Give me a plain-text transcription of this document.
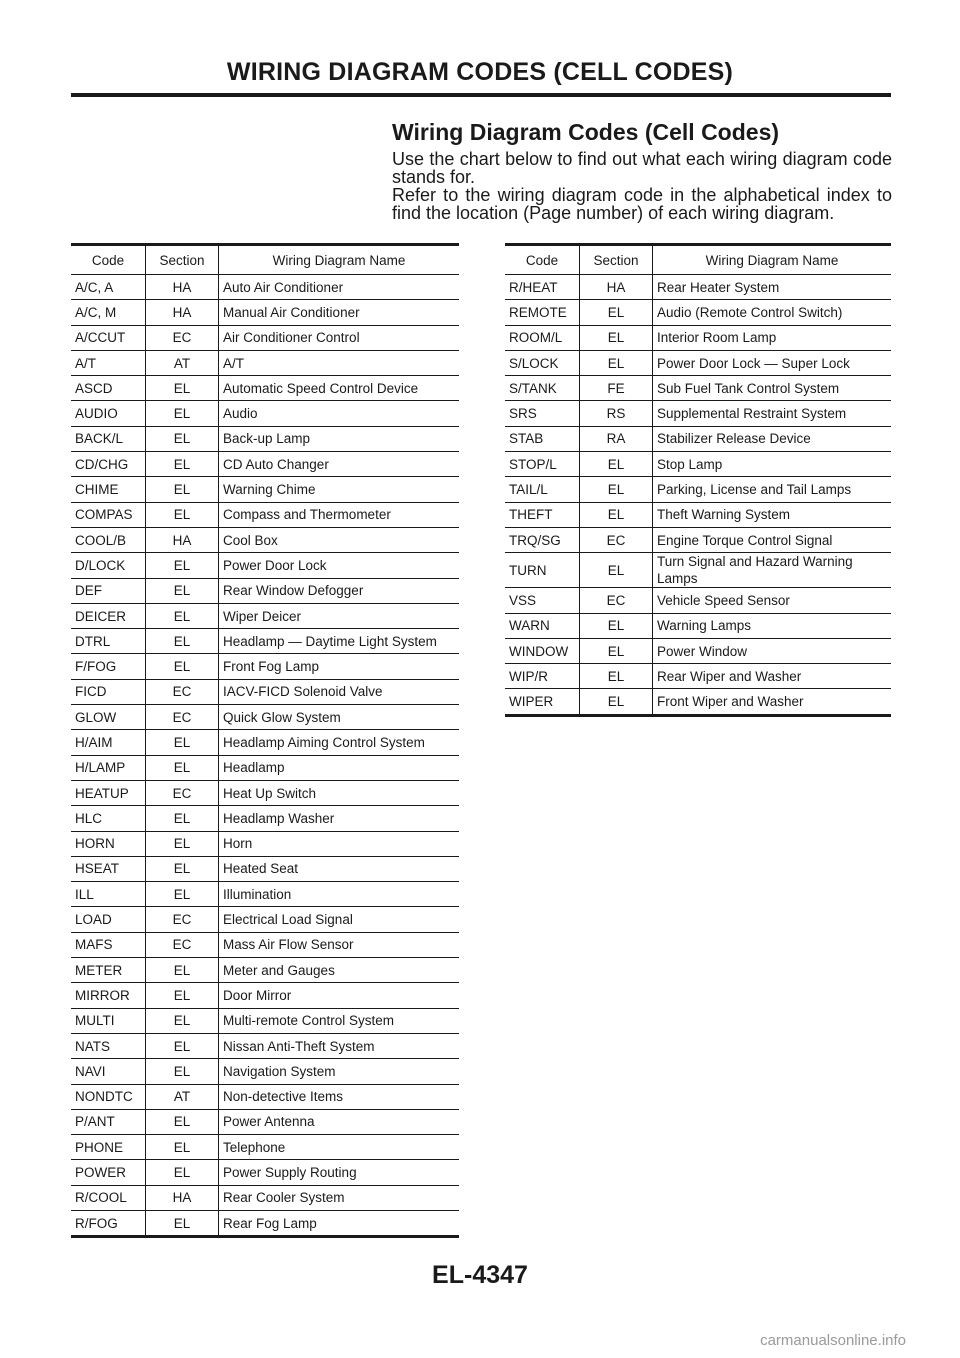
WIRING DIAGRAM CODES (CELL CODES)
Wiring Diagram Codes (Cell Codes)

Use the chart below to find out what each wiring diagram code stands for.

Refer to the wiring diagram code in the alphabetical index to find the location (Page number) of each wiring diagram.

Code	Section	Wiring Diagram Name
A/C, A	HA	Auto Air Conditioner
A/C, M	HA	Manual Air Conditioner
A/CCUT	EC	Air Conditioner Control
A/T	AT	A/T
ASCD	EL	Automatic Speed Control Device
AUDIO	EL	Audio
BACK/L	EL	Back-up Lamp
CD/CHG	EL	CD Auto Changer
CHIME	EL	Warning Chime
COMPAS	EL	Compass and Thermometer
COOL/B	HA	Cool Box
D/LOCK	EL	Power Door Lock
DEF	EL	Rear Window Defogger
DEICER	EL	Wiper Deicer
DTRL	EL	Headlamp — Daytime Light System
F/FOG	EL	Front Fog Lamp
FICD	EC	IACV-FICD Solenoid Valve
GLOW	EC	Quick Glow System
H/AIM	EL	Headlamp Aiming Control System
H/LAMP	EL	Headlamp
HEATUP	EC	Heat Up Switch
HLC	EL	Headlamp Washer
HORN	EL	Horn
HSEAT	EL	Heated Seat
ILL	EL	Illumination
LOAD	EC	Electrical Load Signal
MAFS	EC	Mass Air Flow Sensor
METER	EL	Meter and Gauges
MIRROR	EL	Door Mirror
MULTI	EL	Multi-remote Control System
NATS	EL	Nissan Anti-Theft System
NAVI	EL	Navigation System
NONDTC	AT	Non-detective Items
P/ANT	EL	Power Antenna
PHONE	EL	Telephone
POWER	EL	Power Supply Routing
R/COOL	HA	Rear Cooler System
R/FOG	EL	Rear Fog Lamp
Code	Section	Wiring Diagram Name
R/HEAT	HA	Rear Heater System
REMOTE	EL	Audio (Remote Control Switch)
ROOM/L	EL	Interior Room Lamp
S/LOCK	EL	Power Door Lock — Super Lock
S/TANK	FE	Sub Fuel Tank Control System
SRS	RS	Supplemental Restraint System
STAB	RA	Stabilizer Release Device
STOP/L	EL	Stop Lamp
TAIL/L	EL	Parking, License and Tail Lamps
THEFT	EL	Theft Warning System
TRQ/SG	EC	Engine Torque Control Signal
TURN	EL	Turn Signal and Hazard Warning Lamps
VSS	EC	Vehicle Speed Sensor
WARN	EL	Warning Lamps
WINDOW	EL	Power Window
WIP/R	EL	Rear Wiper and Washer
WIPER	EL	Front Wiper and Washer
EL-4347
carmanualsonline.info
